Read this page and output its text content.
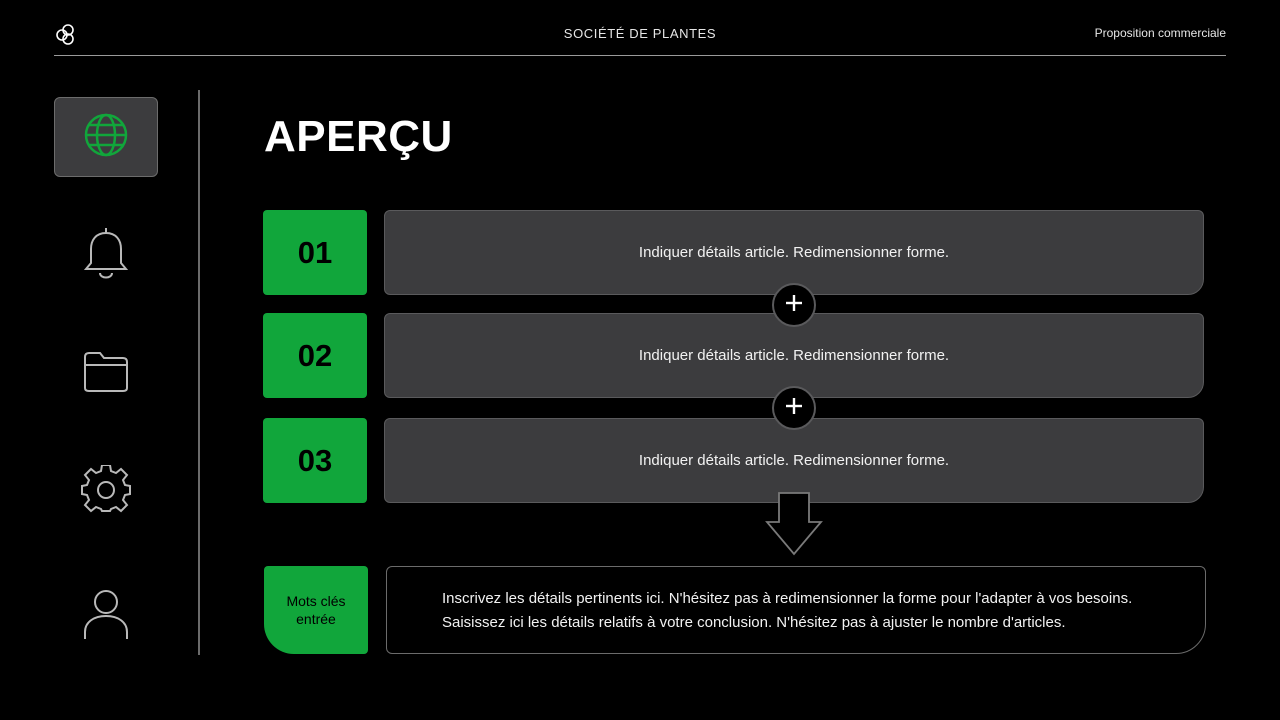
SOCIÉTÉ DE PLANTES	Proposition commerciale
APERÇU
01	Indiquer détails article. Redimensionner forme.
02	Indiquer détails article. Redimensionner forme.
03	Indiquer détails article. Redimensionner forme.
Mots clés
entrée
Inscrivez les détails pertinents ici. N'hésitez pas à redimensionner la forme pour l'adapter à vos besoins.
Saisissez ici les détails relatifs à votre conclusion. N'hésitez pas à ajuster le nombre d'articles.
